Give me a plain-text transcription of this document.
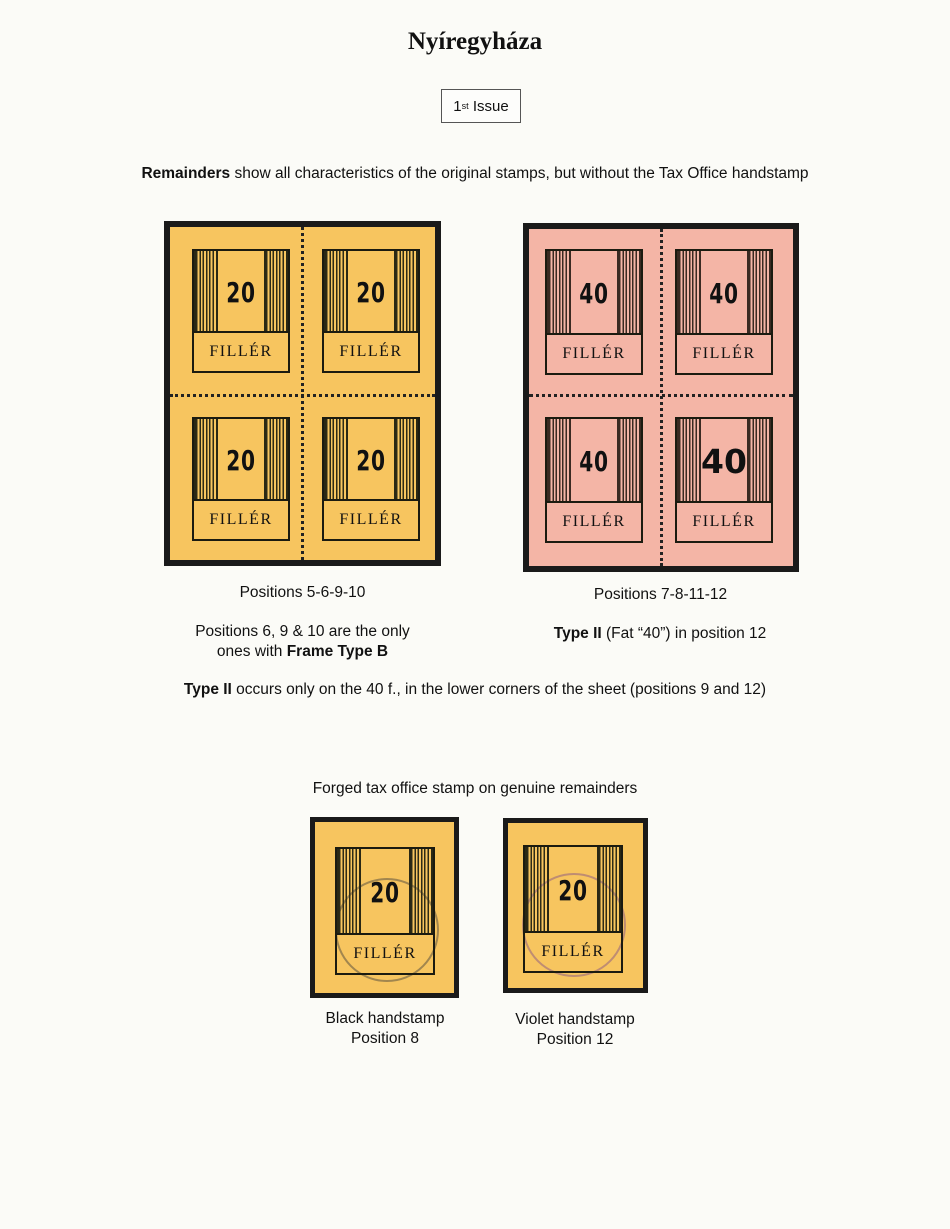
Nyíregyháza
1 st
Issue
Remainders show all characteristics of the original stamps, but without the Tax Office handstamp
20
FILLÉR
20
FILLÉR
20
FILLÉR
20
FILLÉR
40
FILLÉR
40
FILLÉR
40
FILLÉR
40
FILLÉR
Positions 5-6-9-10	Positions 7-8-11-12
Positions 6, 9 & 10 are the only
ones with Frame Type B
Type II (Fat “40”) in position 12
Type II occurs only on the 40 f., in the lower corners of the sheet (positions 9 and 12)
Forged tax office stamp on genuine remainders
20
FILLÉR
20
FILLÉR
Black handstamp
Position 8
Violet handstamp
Position 12
